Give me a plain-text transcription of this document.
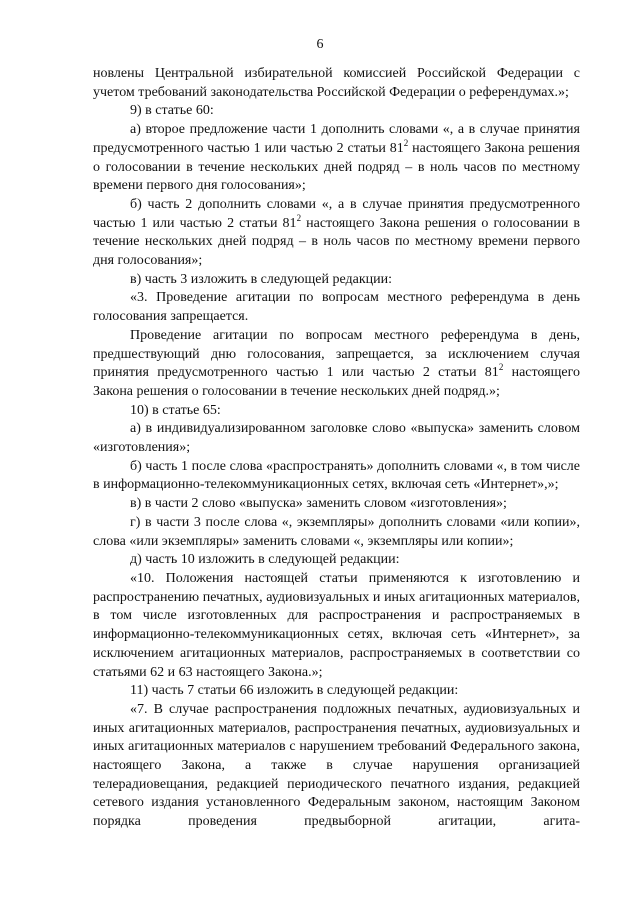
6

новлены Центральной избирательной комиссией Российской Федерации с учетом требований законодательства Российской Федерации о референдумах.»;

9) в статье 60:

а) второе предложение части 1 дополнить словами «, а в случае принятия предусмотренного частью 1 или частью 2 статьи $81^2$ настоящего Закона решения о голосовании в течение нескольких дней подряд – в ноль часов по местному времени первого дня голосования»;

б) часть 2 дополнить словами «, а в случае принятия предусмотренного частью 1 или частью 2 статьи $81^2$ настоящего Закона решения о голосовании в течение нескольких дней подряд – в ноль часов по местному времени первого дня голосования»;

в) часть 3 изложить в следующей редакции:

«3. Проведение агитации по вопросам местного референдума в день голосования запрещается.

Проведение агитации по вопросам местного референдума в день, предшествующий дню голосования, запрещается, за исключением случая принятия предусмотренного частью 1 или частью 2 статьи $81^2$ настоящего Закона решения о голосовании в течение нескольких дней подряд.»;

10) в статье 65:

а) в индивидуализированном заголовке слово «выпуска» заменить словом «изготовления»;

б) часть 1 после слова «распространять» дополнить словами «, в том числе в информационно-телекоммуникационных сетях, включая сеть «Интернет»,»;

в) в части 2 слово «выпуска» заменить словом «изготовления»;

г) в части 3 после слова «, экземпляры» дополнить словами «или копии», слова «или экземпляры» заменить словами «, экземпляры или копии»;

д) часть 10 изложить в следующей редакции:

«10. Положения настоящей статьи применяются к изготовлению и распространению печатных, аудиовизуальных и иных агитационных материалов, в том числе изготовленных для распространения и распространяемых в информационно-телекоммуникационных сетях, включая сеть «Интернет», за исключением агитационных материалов, распространяемых в соответствии со статьями 62 и 63 настоящего Закона.»;

11) часть 7 статьи 66 изложить в следующей редакции:

«7. В случае распространения подложных печатных, аудиовизуальных и иных агитационных материалов, распространения печатных, аудиовизуальных и иных агитационных материалов с нарушением требований Федерального закона, настоящего Закона, а также в случае нарушения организацией телерадиовещания, редакцией периодического печатного издания, редакцией сетевого издания установленного Федеральным законом, настоящим Законом порядка проведения предвыборной агитации, агита-
